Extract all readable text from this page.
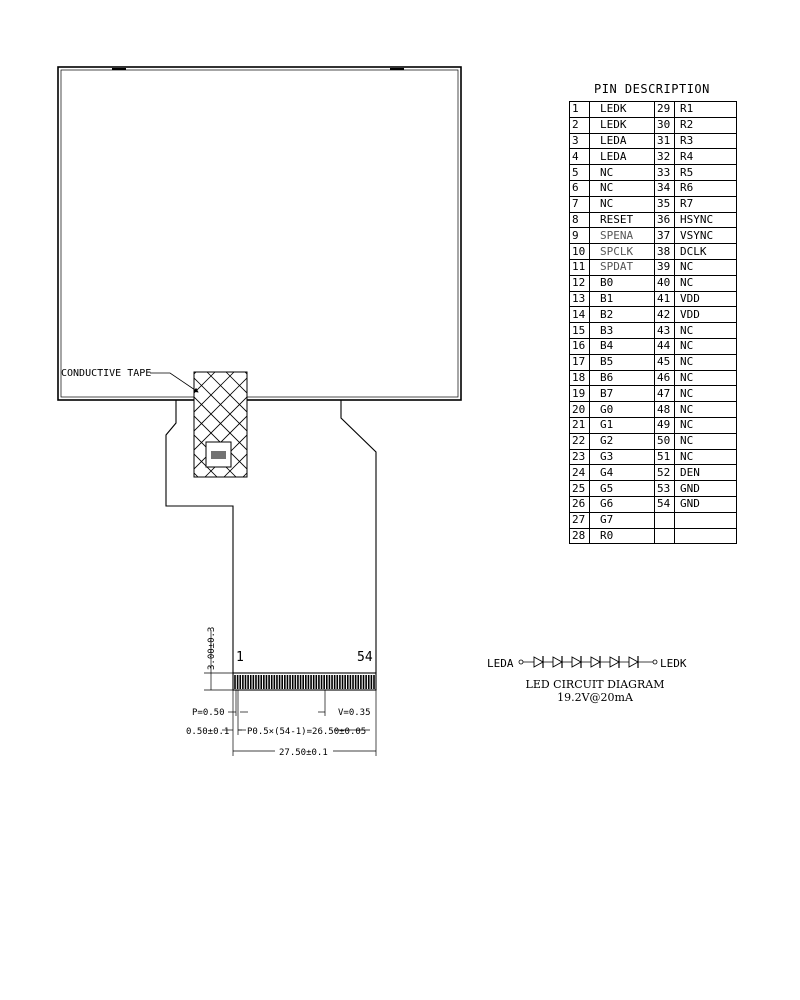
CONDUCTIVE TAPE
1	54
3.00±0.3
P=0.50
0.50±0.1 P0.5×(54-1)=26.50±0.05
V=0.35
27.50±0.1
LEDA	LEDK
PIN DESCRIPTION
1	LEDK	29	R1
2	LEDK	30	R2
3	LEDA	31	R3
4	LEDA	32	R4
5	NC	33	R5
6	NC	34	R6
7	NC	35	R7
8	RESET	36	HSYNC
9	SPENA	37	VSYNC
10	SPCLK	38	DCLK
11	SPDAT	39	NC
12	B0	40	NC
13	B1	41	VDD
14	B2	42	VDD
15	B3	43	NC
16	B4	44	NC
17	B5	45	NC
18	B6	46	NC
19	B7	47	NC
20	G0	48	NC
21	G1	49	NC
22	G2	50	NC
23	G3	51	NC
24	G4	52	DEN
25	G5	53	GND
26	G6	54	GND
27	G7		
28	R0		
LED CIRCUIT DIAGRAM
19.2V@20mA
